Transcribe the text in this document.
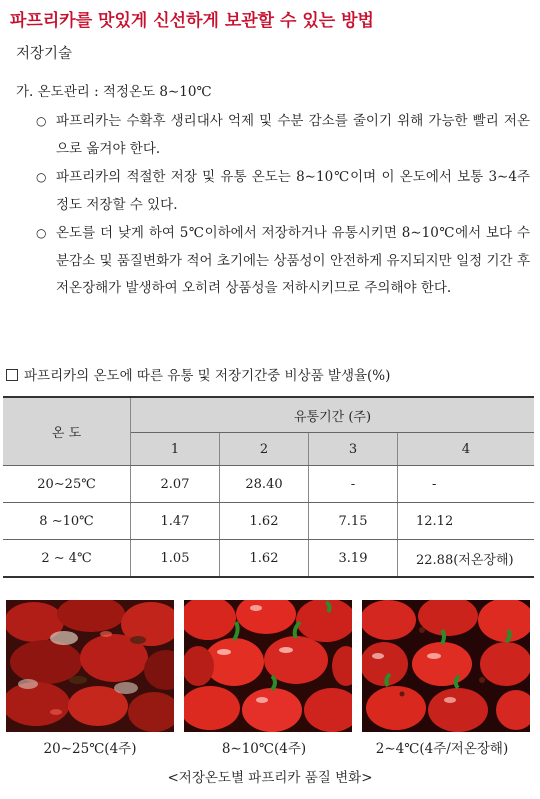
파프리카를 맛있게 신선하게 보관할 수 있는 방법
저장기술
가. 온도관리 : 적정온도 8∼10℃
○ 파프리카는 수확후 생리대사 억제 및 수분 감소를 줄이기 위해 가능한 빨리 저온으로 옮겨야 한다.
○ 파프리카의 적절한 저장 및 유통 온도는 8∼10℃이며 이 온도에서 보통 3∼4주 정도 저장할 수 있다.
○ 온도를 더 낮게 하여 5℃이하에서 저장하거나 유통시키면 8∼10℃에서 보다 수분감소 및 품질변화가 적어 초기에는 상품성이 안전하게 유지되지만 일정 기간 후 저온장해가 발생하여 오히려 상품성을 저하시키므로 주의해야 한다.
파프리카의 온도에 따른 유통 및 저장기간중 비상품 발생율(%)
온 도	유통기간 (주)			
	1	2	3	4
20∼25℃	2.07	28.40	-	-
8 ∼10℃	1.47	1.62	7.15	12.12
2 ∼ 4℃	1.05	1.62	3.19	22.88(저온장해)
20∼25℃(4주)	8∼10℃(4주)	2∼4℃(4주/저온장해)
<저장온도별 파프리카 품질 변화>
